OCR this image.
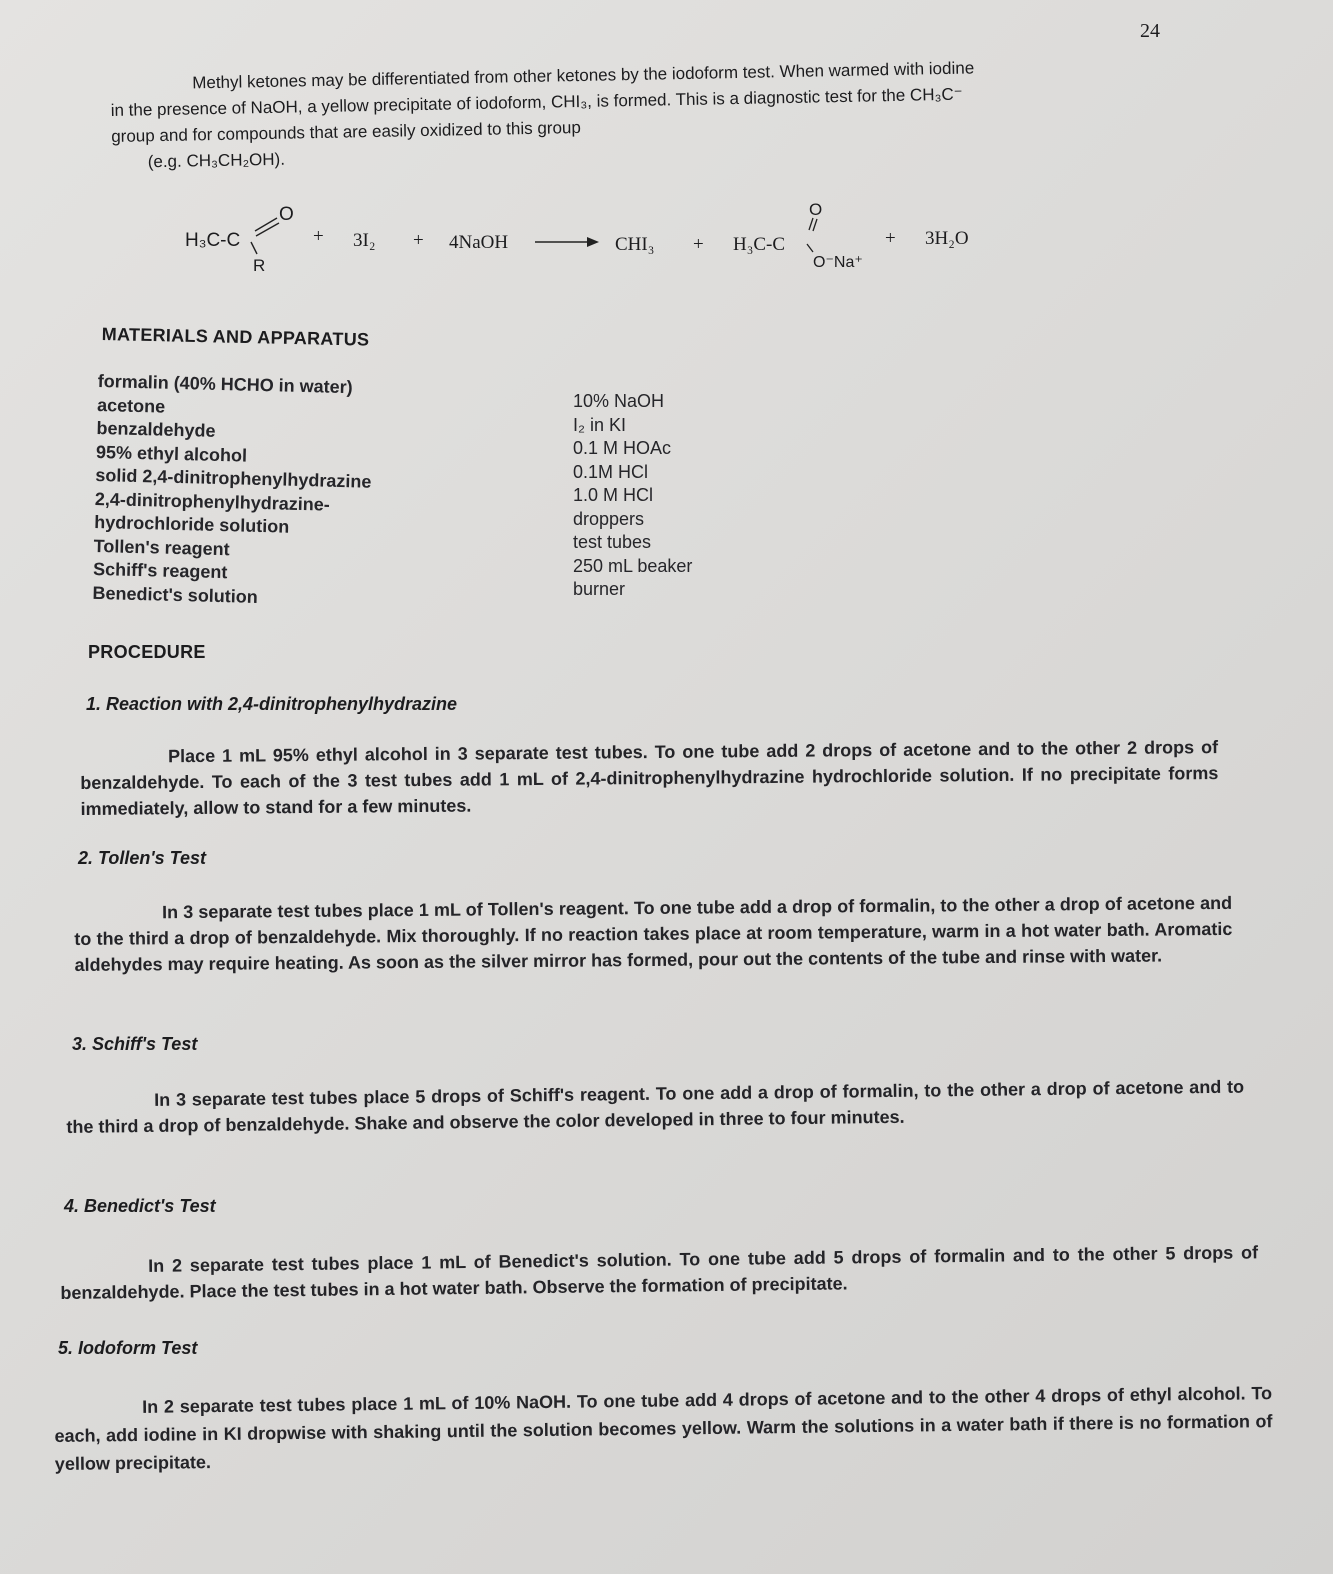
24

Methyl ketones may be differentiated from other ketones by the iodoform test. When warmed with iodine

in the presence of NaOH, a yellow precipitate of iodoform, CHI₃, is formed. This is a diagnostic test for the CH₃C⁻

group and for compounds that are easily oxidized to this group

(e.g. CH₃CH₂OH).

H₃C-C
O
R
+ 3I₂ + 4NaOH	CHI₃ + H₃C-C
O
O⁻Na⁺
+ 3H₂O
MATERIALS AND APPARATUS
formalin (40% HCHO in water)
acetone
benzaldehyde
95% ethyl alcohol
solid 2,4-dinitrophenylhydrazine
2,4-dinitrophenylhydrazine-
hydrochloride solution
Tollen's reagent
Schiff's reagent
Benedict's solution
10% NaOH
I₂ in KI
0.1 M HOAc
0.1M HCl
1.0 M HCl
droppers
test tubes
250 mL beaker
burner
PROCEDURE
1. Reaction with 2,4-dinitrophenylhydrazine

Place 1 mL 95% ethyl alcohol in 3 separate test tubes. To one tube add 2 drops of acetone and to the other 2 drops of benzaldehyde. To each of the 3 test tubes add 1 mL of 2,4-dinitrophenylhydrazine hydrochloride solution. If no precipitate forms immediately, allow to stand for a few minutes.

2. Tollen's Test

In 3 separate test tubes place 1 mL of Tollen's reagent. To one tube add a drop of formalin, to the other a drop of acetone and to the third a drop of benzaldehyde. Mix thoroughly. If no reaction takes place at room temperature, warm in a hot water bath. Aromatic aldehydes may require heating. As soon as the silver mirror has formed, pour out the contents of the tube and rinse with water.

3. Schiff's Test

In 3 separate test tubes place 5 drops of Schiff's reagent. To one add a drop of formalin, to the other a drop of acetone and to the third a drop of benzaldehyde. Shake and observe the color developed in three to four minutes.

4. Benedict's Test

In 2 separate test tubes place 1 mL of Benedict's solution. To one tube add 5 drops of formalin and to the other 5 drops of benzaldehyde. Place the test tubes in a hot water bath. Observe the formation of precipitate.

5. Iodoform Test

In 2 separate test tubes place 1 mL of 10% NaOH. To one tube add 4 drops of acetone and to the other 4 drops of ethyl alcohol. To each, add iodine in KI dropwise with shaking until the solution becomes yellow. Warm the solutions in a water bath if there is no formation of yellow precipitate.
